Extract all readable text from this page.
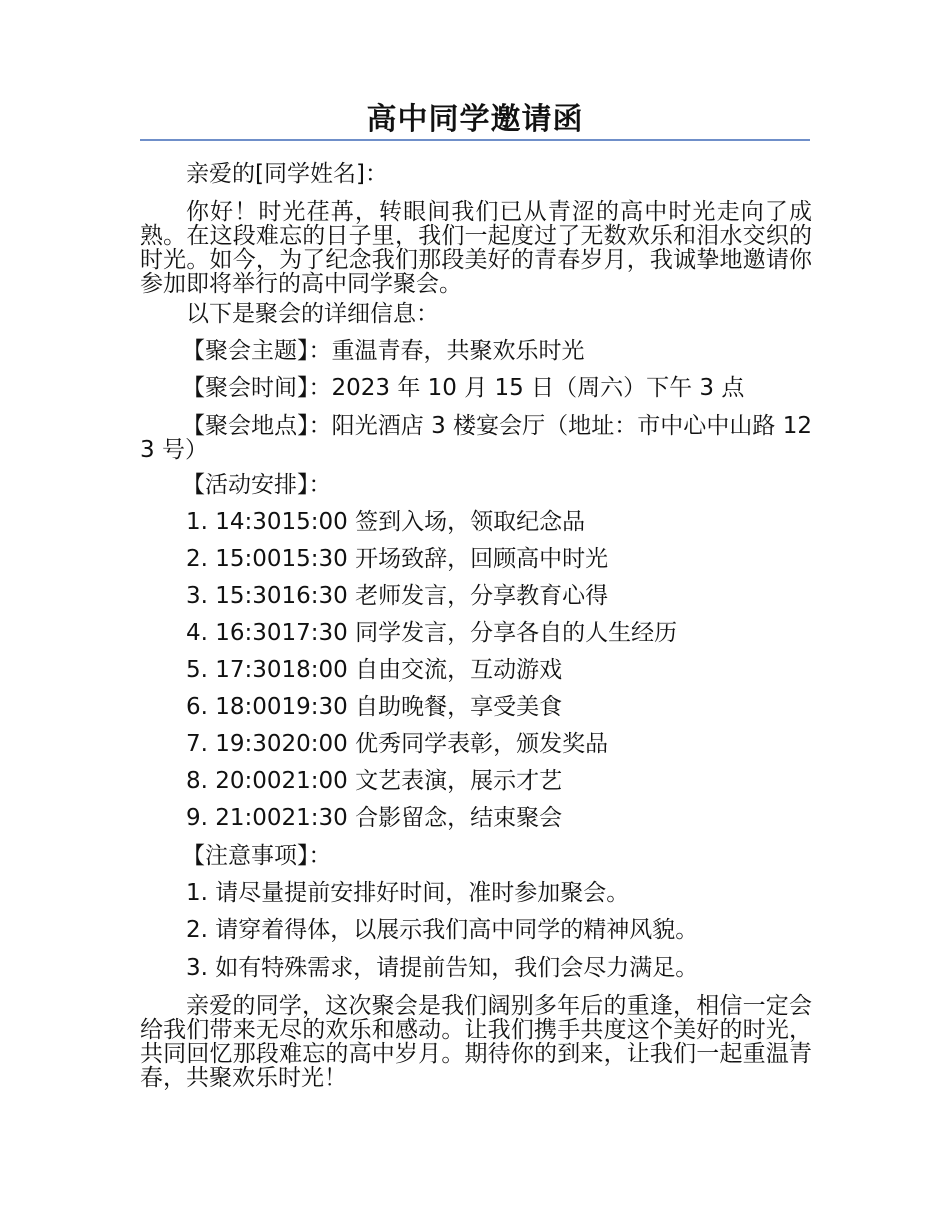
高中同学邀请函
亲爱的[同学姓名]：
你好！时光荏苒，转眼间我们已从青涩的高中时光走向了成熟。在这段难忘的日子里，我们一起度过了无数欢乐和泪水交织的时光。如今，为了纪念我们那段美好的青春岁月，我诚挚地邀请你参加即将举行的高中同学聚会。
以下是聚会的详细信息：
【聚会主题】：重温青春，共聚欢乐时光
【聚会时间】：2023 年 10 月 15 日（周六）下午 3 点
【聚会地点】：阳光酒店 3 楼宴会厅（地址：市中心中山路 123 号）
【活动安排】：
1. 14:3015:00 签到入场，领取纪念品
2. 15:0015:30 开场致辞，回顾高中时光
3. 15:3016:30 老师发言，分享教育心得
4. 16:3017:30 同学发言，分享各自的人生经历
5. 17:3018:00 自由交流，互动游戏
6. 18:0019:30 自助晚餐，享受美食
7. 19:3020:00 优秀同学表彰，颁发奖品
8. 20:0021:00 文艺表演，展示才艺
9. 21:0021:30 合影留念，结束聚会
【注意事项】：
1. 请尽量提前安排好时间，准时参加聚会。
2. 请穿着得体，以展示我们高中同学的精神风貌。
3. 如有特殊需求，请提前告知，我们会尽力满足。
亲爱的同学，这次聚会是我们阔别多年后的重逢，相信一定会给我们带来无尽的欢乐和感动。让我们携手共度这个美好的时光，共同回忆那段难忘的高中岁月。期待你的到来，让我们一起重温青春，共聚欢乐时光！
